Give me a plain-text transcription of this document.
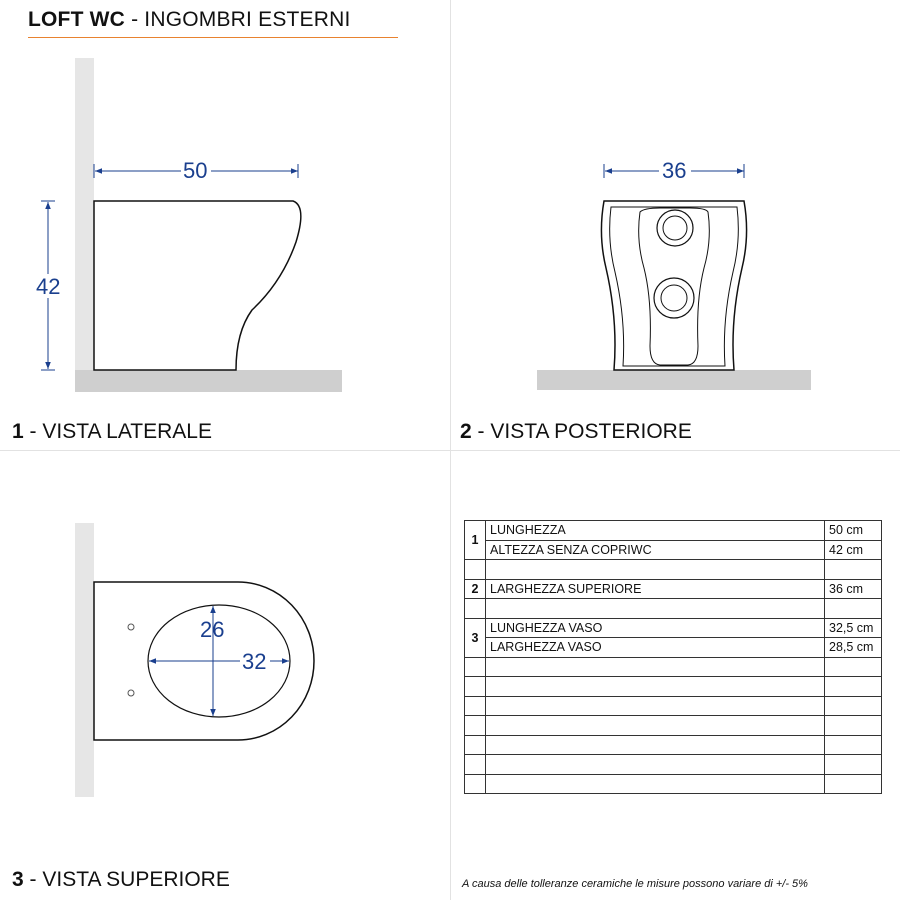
LOFT WC - INGOMBRI ESTERNI
50
42
36
26
32
1 - VISTA LATERALE	2 - VISTA POSTERIORE
3 - VISTA SUPERIORE
1	LUNGHEZZA	50 cm
	ALTEZZA SENZA COPRIWC	42 cm

2	LARGHEZZA SUPERIORE	36 cm

3	LUNGHEZZA VASO	32,5 cm
	LARGHEZZA VASO	28,5 cm

A causa delle tolleranze ceramiche le misure possono variare di +/- 5%
